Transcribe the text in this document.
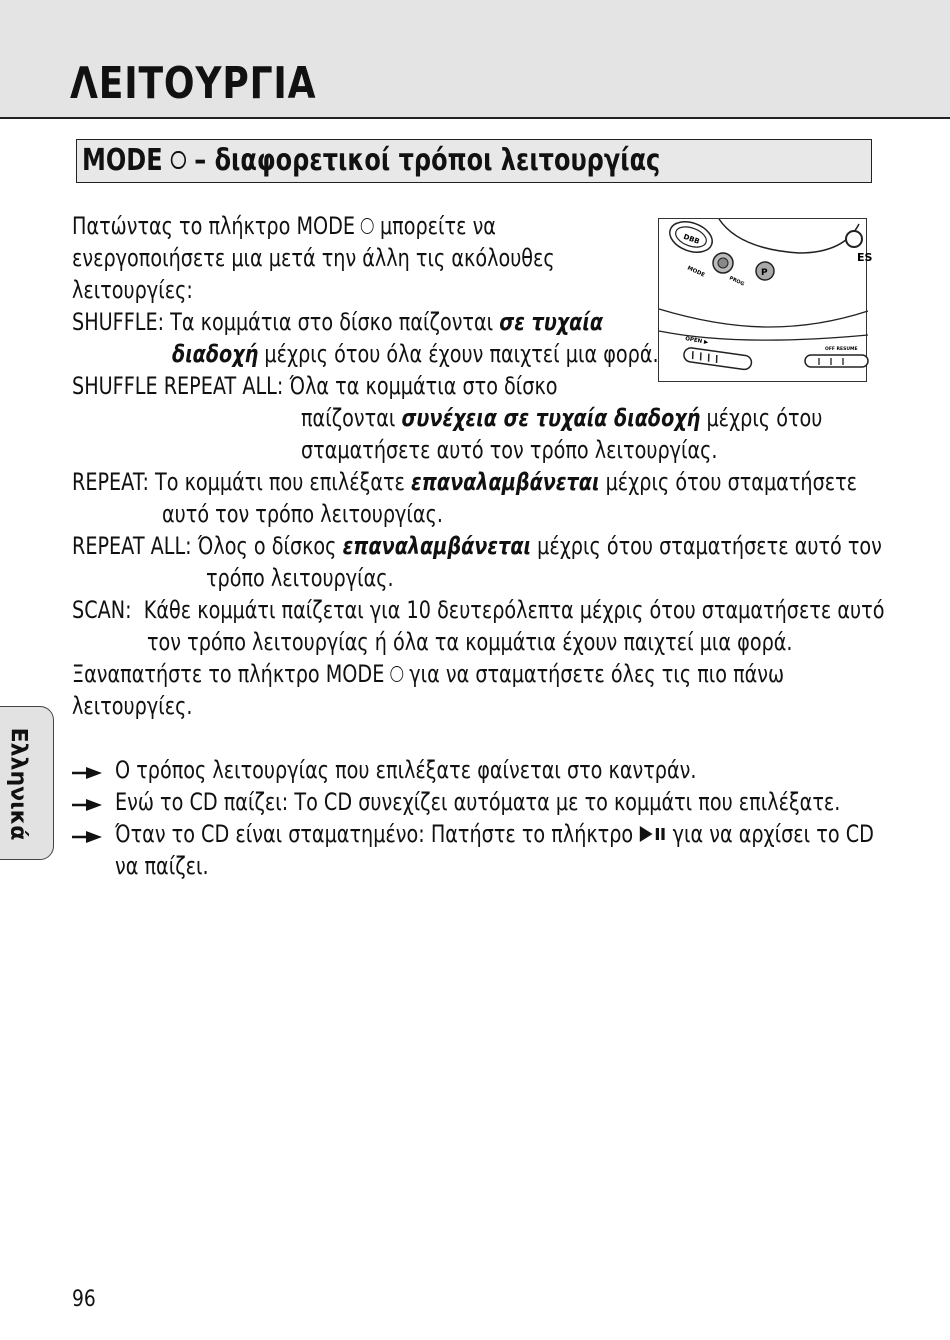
ΛΕΙΤΟΥΡΓΙΑ
MODE – διαφορετικοί τρόποι λειτουργίας
Πατώντας το πλήκτρο MODE μπορείτε να
ενεργοποιήσετε μια μετά την άλλη τις ακόλουθες
λειτουργίες:
ES
DBB
MODE
PROG
P
OPEN ▶
OFF RESUME
SHUFFLE: Τα κομμάτια στο δίσκο παίζονται σε τυχαία
διαδοχή μέχρις ότου όλα έχουν παιχτεί μια φορά.
SHUFFLE REPEAT ALL: Όλα τα κομμάτια στο δίσκο
παίζονται συνέχεια σε τυχαία διαδοχή μέχρις ότου
σταματήσετε αυτό τον τρόπο λειτουργίας.
REPEAT: Το κομμάτι που επιλέξατε επαναλαμβάνεται μέχρις ότου σταματήσετε
αυτό τον τρόπο λειτουργίας.
REPEAT ALL: Όλος ο δίσκος επαναλαμβάνεται μέχρις ότου σταματήσετε αυτό τον
τρόπο λειτουργίας.
SCAN: Κάθε κομμάτι παίζεται για 10 δευτερόλεπτα μέχρις ότου σταματήσετε αυτό
τον τρόπο λειτουργίας ή όλα τα κομμάτια έχουν παιχτεί μια φορά.
Ξαναπατήστε το πλήκτρο MODE για να σταματήσετε όλες τις πιο πάνω
λειτουργίες.
Ο τρόπος λειτουργίας που επιλέξατε φαίνεται στο καντράν.
Ενώ το CD παίζει: Το CD συνεχίζει αυτόματα με το κομμάτι που επιλέξατε.
Όταν το CD είναι σταματημένο: Πατήστε το πλήκτρο για να αρχίσει το CD
να παίζει.
Ελληνικά
96
